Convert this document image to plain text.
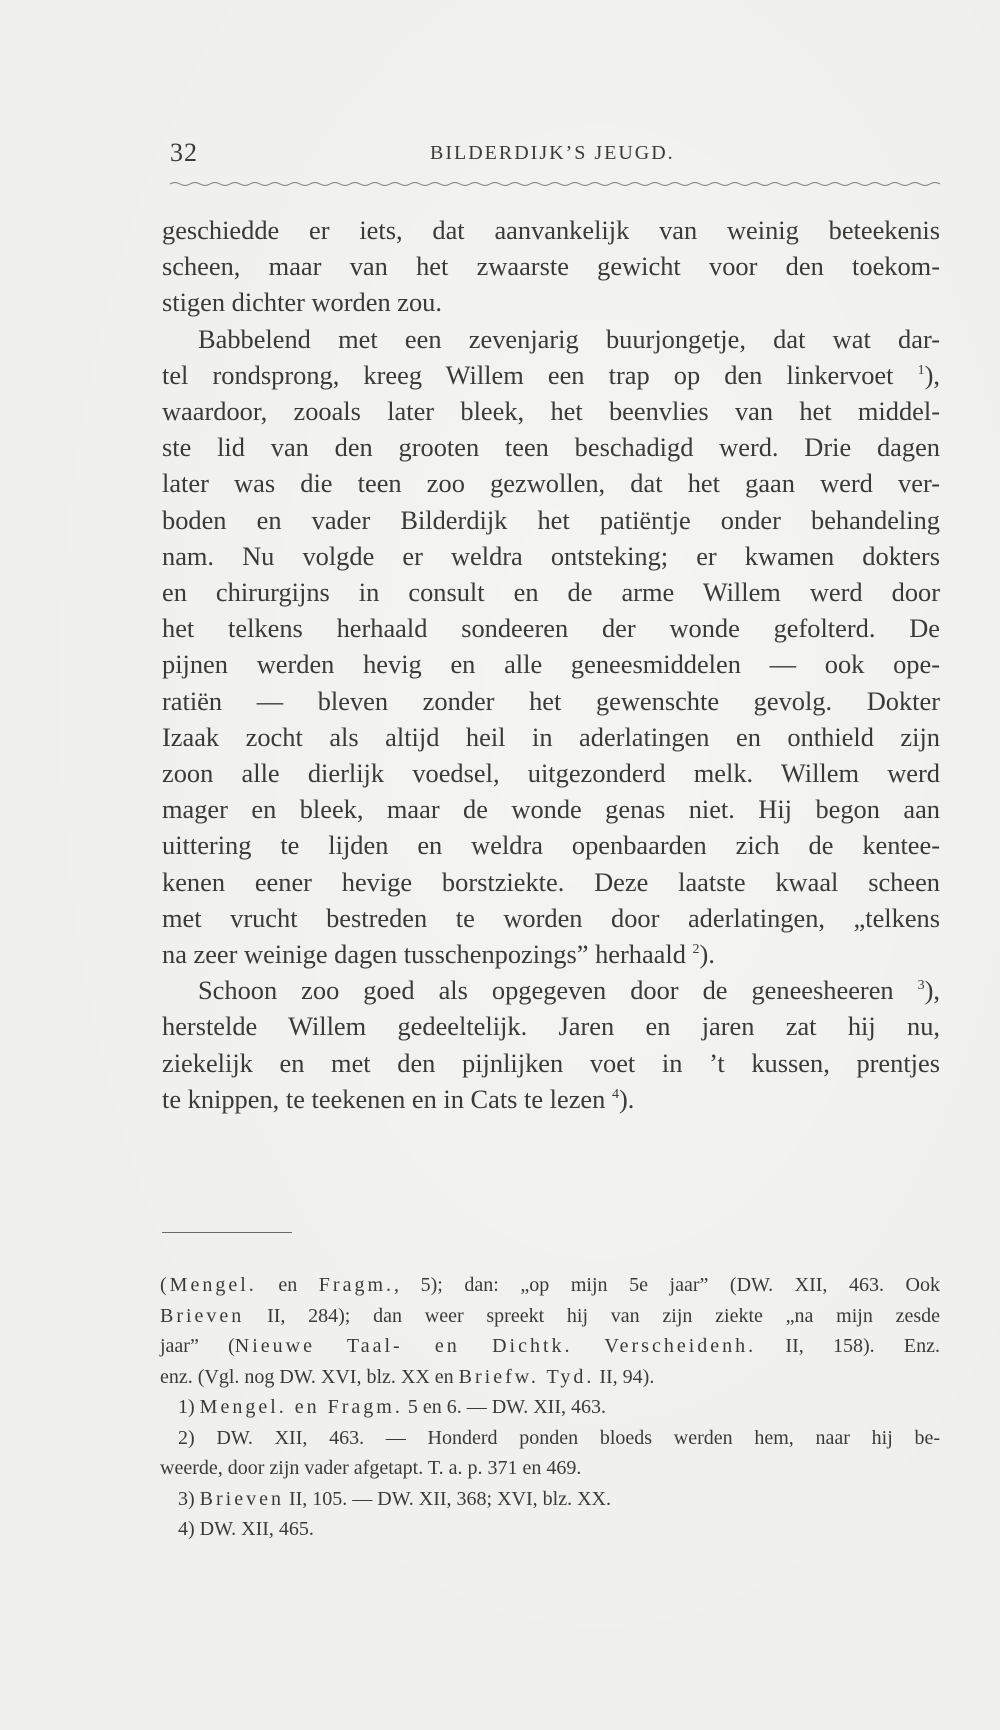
32	BILDERDIJK’S JEUGD.
geschiedde er iets, dat aanvankelijk van weinig beteekenis
scheen, maar van het zwaarste gewicht voor den toekom-
stigen dichter worden zou.
Babbelend met een zevenjarig buurjongetje, dat wat dar-
tel rondsprong, kreeg Willem een trap op den linkervoet $^1$),
waardoor, zooals later bleek, het beenvlies van het middel-
ste lid van den grooten teen beschadigd werd. Drie dagen
later was die teen zoo gezwollen, dat het gaan werd ver-
boden en vader Bilderdijk het patiëntje onder behandeling
nam. Nu volgde er weldra ontsteking; er kwamen dokters
en chirurgijns in consult en de arme Willem werd door
het telkens herhaald sondeeren der wonde gefolterd. De
pijnen werden hevig en alle geneesmiddelen — ook ope-
ratiën — bleven zonder het gewenschte gevolg. Dokter
Izaak zocht als altijd heil in aderlatingen en onthield zijn
zoon alle dierlijk voedsel, uitgezonderd melk. Willem werd
mager en bleek, maar de wonde genas niet. Hij begon aan
uittering te lijden en weldra openbaarden zich de kentee-
kenen eener hevige borstziekte. Deze laatste kwaal scheen
met vrucht bestreden te worden door aderlatingen, „telkens
na zeer weinige dagen tusschenpozings” herhaald $^2$).
Schoon zoo goed als opgegeven door de geneesheeren $^3$),
herstelde Willem gedeeltelijk. Jaren en jaren zat hij nu,
ziekelijk en met den pijnlijken voet in ’t kussen, prentjes
te knippen, te teekenen en in Cats te lezen $^4$).
(Mengel. en Fragm., 5); dan: „op mijn 5e jaar” (DW. XII, 463. Ook
Brieven II, 284); dan weer spreekt hij van zijn ziekte „na mijn zesde
jaar” (Nieuwe Taal- en Dichtk. Verscheidenh. II, 158). Enz.
enz. (Vgl. nog DW. XVI, blz. XX en Briefw. Tyd. II, 94).
1) Mengel. en Fragm. 5 en 6. — DW. XII, 463.
2) DW. XII, 463. — Honderd ponden bloeds werden hem, naar hij be-
weerde, door zijn vader afgetapt. T. a. p. 371 en 469.
3) Brieven II, 105. — DW. XII, 368; XVI, blz. XX.
4) DW. XII, 465.
